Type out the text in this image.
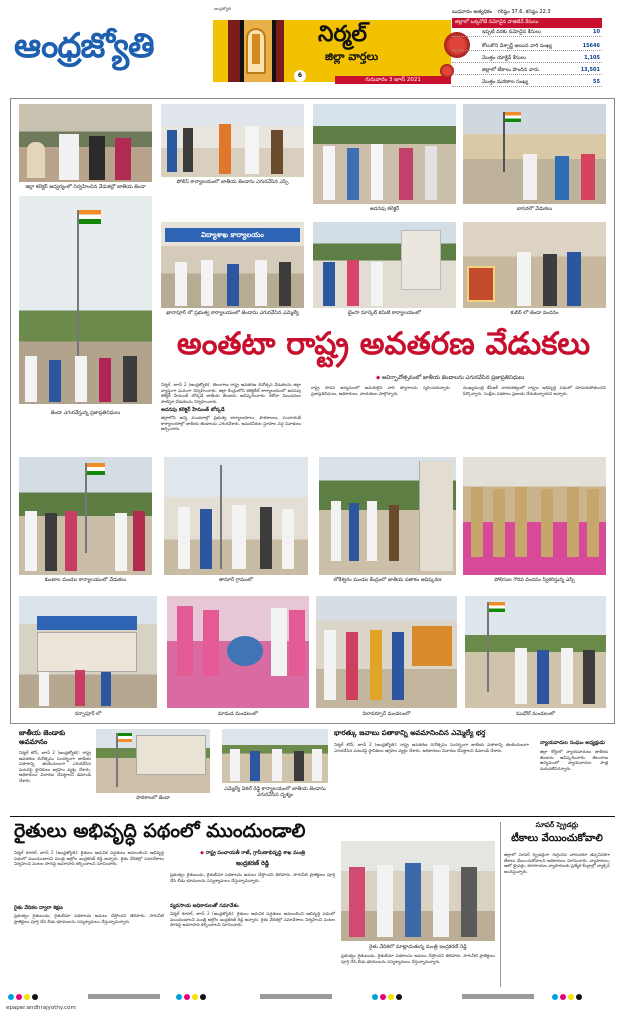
ఆంధ్రజ్యోతి
ఆంధ్రజ్యోతి	నిర్మల్
జిల్లా వార్తలు
6
గురువారం 3 జూన్ 2021
బుధవారం అత్యధికం గరిష్ఠం 37.6, కనిష్ఠం 22.3
జిల్లాలో ఒక్కరోజే నమోదైన పాజిటివ్ కేసులు
ఇప్పటి వరకు నమోదైన కేసులు	10
కోలుకొని డిశ్చార్జ్ అయిన వారి సంఖ్య	15646
మొత్తం యాక్టివ్ కేసులు	1,105
జిల్లాలో టీకాలు పొందిన వారు	13,501
మొత్తం మరణాల సంఖ్య	55
జిల్లా కలెక్టర్ ఆధ్వర్యంలో నిర్వహించిన వేడుకల్లో జాతీయ జెండా
పోలీస్ కార్యాలయంలో జాతీయ జెండాను ఎగురవేసిన ఎస్పీ
అదనపు కలెక్టర్	బాసరలో వేడుకలు
జెండా ఎగురవేస్తున్న ప్రజాప్రతినిధులు
విద్యాశాఖ కార్యాలయం
ఖానాపూర్ లో ప్రభుత్వ కార్యాలయంలో జెండాను ఎగురవేసిన ఎమ్మెల్యే	భైంసా మార్కెట్ కమిటీ కార్యాలయంలో	కుబీర్ లో జెండా వందనం
అంతటా రాష్ట్ర అవతరణ వేడుకలు
◆ ఆవిర్భావోత్సవంలో జాతీయ జెండాలను ఎగురవేసిన ప్రజాప్రతినిధులు
నిర్మల్, జూన్ 2 (ఆంధ్రజ్యోతి): తెలంగాణ రాష్ట్ర అవతరణ దినోత్సవ వేడుకలను జిల్లా వ్యాప్తంగా ఘనంగా నిర్వహించారు. జిల్లా కేంద్రంలోని కలెక్టరేట్ కార్యాలయంలో అదనపు కలెక్టర్ హేమంత్ బోర్కడే జాతీయ జెండాను ఆవిష్కరించారు. కరోనా నిబంధనలు పాటిస్తూ వేడుకలను నిర్వహించారు.
అదనపు కలెక్టర్ హేమంత్ బోర్కడే
జిల్లాలోని అన్ని మండలాల్లో ప్రభుత్వ కార్యాలయాలు, పాఠశాలలు, పంచాయతీ కార్యాలయాల్లో జాతీయ జెండాలను ఎగురవేశారు. అమరవీరుల స్తూపాల వద్ద నివాళులు అర్పించారు.
రాష్ట్ర సాధన ఉద్యమంలో అమరులైన వారి త్యాగాలను స్మరించుకున్నారు. ప్రజాప్రతినిధులు, అధికారులు, నాయకులు పాల్గొన్నారు.
ముఖ్యమంత్రి కేసీఆర్ నాయకత్వంలో రాష్ట్రం అభివృద్ధి పథంలో దూసుకుపోతుందని పేర్కొన్నారు. సంక్షేమ పథకాలు ప్రజలకు చేరుతున్నాయని అన్నారు.
కుంటాల మండల కార్యాలయంలో వేడుకలు	తానూర్ గ్రామంలో	లోకేశ్వరం మండల కేంద్రంలో జాతీయ పతాకం ఆవిష్కరణ	పోలీసుల గౌరవ వందనం స్వీకరిస్తున్న ఎస్పీ
నర్సాపూర్ లో	మామడ మండలంలో	దిలావర్పూర్ మండలంలో	ముధోల్ మండలంలో
జాతీయ జెండాకు అవమానం
నిర్మల్ టౌన్, జూన్ 2 (ఆంధ్రజ్యోతి): రాష్ట్ర అవతరణ దినోత్సవం సందర్భంగా జాతీయ పతాకాన్ని తలకిందులుగా ఎగురవేసిన ఘటనపై స్థానికులు ఆగ్రహం వ్యక్తం చేశారు. అధికారులు విచారణ చేపట్టాలని డిమాండ్ చేశారు.
పాఠశాలలో జెండా
ఎమ్మెల్యే విఠల్ రెడ్డి కార్యాలయంలో జాతీయ జెండాను ఎగురవేసిన దృశ్యం
భారత్కు జవాబు పతాకాన్ని అవమానించిన ఎమ్మెల్యే భర్త
నిర్మల్ టౌన్, జూన్ 2 (ఆంధ్రజ్యోతి): రాష్ట్ర అవతరణ దినోత్సవం సందర్భంగా జాతీయ పతాకాన్ని తలకిందులుగా ఎగురవేసిన ఘటనపై స్థానికులు ఆగ్రహం వ్యక్తం చేశారు. అధికారులు విచారణ చేపట్టాలని డిమాండ్ చేశారు.
న్యాయవాదుల సంఘం అధ్యక్షుడు
జిల్లా కోర్టులో న్యాయవాదులు జాతీయ జెండాను ఆవిష్కరించారు. తెలంగాణ ఉద్యమంలో న్యాయవాదుల పాత్ర మరువలేనిదన్నారు.
రైతులు అభివృద్ధి పథంలో ముందుండాలి
నిర్మల్ రూరల్, జూన్ 2 (ఆంధ్రజ్యోతి): రైతులు ఆధునిక పద్ధతులు అవలంబించి అభివృద్ధి పథంలో ముందుండాలని మంత్రి అల్లోల ఇంద్రకరణ్ రెడ్డి అన్నారు. రైతు వేదికల్లో సమావేశాలు నిర్వహించి పంటల సాగుపై అవగాహన కల్పించాలని సూచించారు.
రైతు వేదికల ద్వారా శిక్షణ
ప్రభుత్వం రైతుబంధు, రైతుబీమా పథకాలను అమలు చేస్తోందని తెలిపారు. సాగునీటి ప్రాజెక్టులు పూర్తి చేసి బీడు భూములను సస్యశ్యామలం చేస్తున్నామన్నారు.
◆ రాష్ట్ర పంచాయతీ రాజ్, గ్రామీణాభివృద్ధి శాఖ మంత్రి
ఇంద్రకరణ్ రెడ్డి
ప్రభుత్వం రైతుబంధు, రైతుబీమా పథకాలను అమలు చేస్తోందని తెలిపారు. సాగునీటి ప్రాజెక్టులు పూర్తి చేసి బీడు భూములను సస్యశ్యామలం చేస్తున్నామన్నారు.
వ్యవసాయ అధికారులతో సమావేశం
నిర్మల్ రూరల్, జూన్ 2 (ఆంధ్రజ్యోతి): రైతులు ఆధునిక పద్ధతులు అవలంబించి అభివృద్ధి పథంలో ముందుండాలని మంత్రి అల్లోల ఇంద్రకరణ్ రెడ్డి అన్నారు. రైతు వేదికల్లో సమావేశాలు నిర్వహించి పంటల సాగుపై అవగాహన కల్పించాలని సూచించారు.
రైతు వేదికలో మాట్లాడుతున్న మంత్రి ఇంద్రకరణ్ రెడ్డి
ప్రభుత్వం రైతుబంధు, రైతుబీమా పథకాలను అమలు చేస్తోందని తెలిపారు. సాగునీటి ప్రాజెక్టులు పూర్తి చేసి బీడు భూములను సస్యశ్యామలం చేస్తున్నామన్నారు.
సూపర్ స్ప్రెడర్లు
టీకాలు వేయించుకోవాలి
జిల్లాలో సూపర్ స్ప్రెడర్లుగా గుర్తించిన వారందరూ తప్పనిసరిగా టీకాలు వేయించుకోవాలని అధికారులు సూచించారు. వ్యాపారులు, ఆటో డ్రైవర్లు, కూరగాయల వ్యాపారులకు ప్రత్యేక కేంద్రాల్లో వ్యాక్సిన్ అందిస్తున్నారు.
epaper.andhrajyothy.com
